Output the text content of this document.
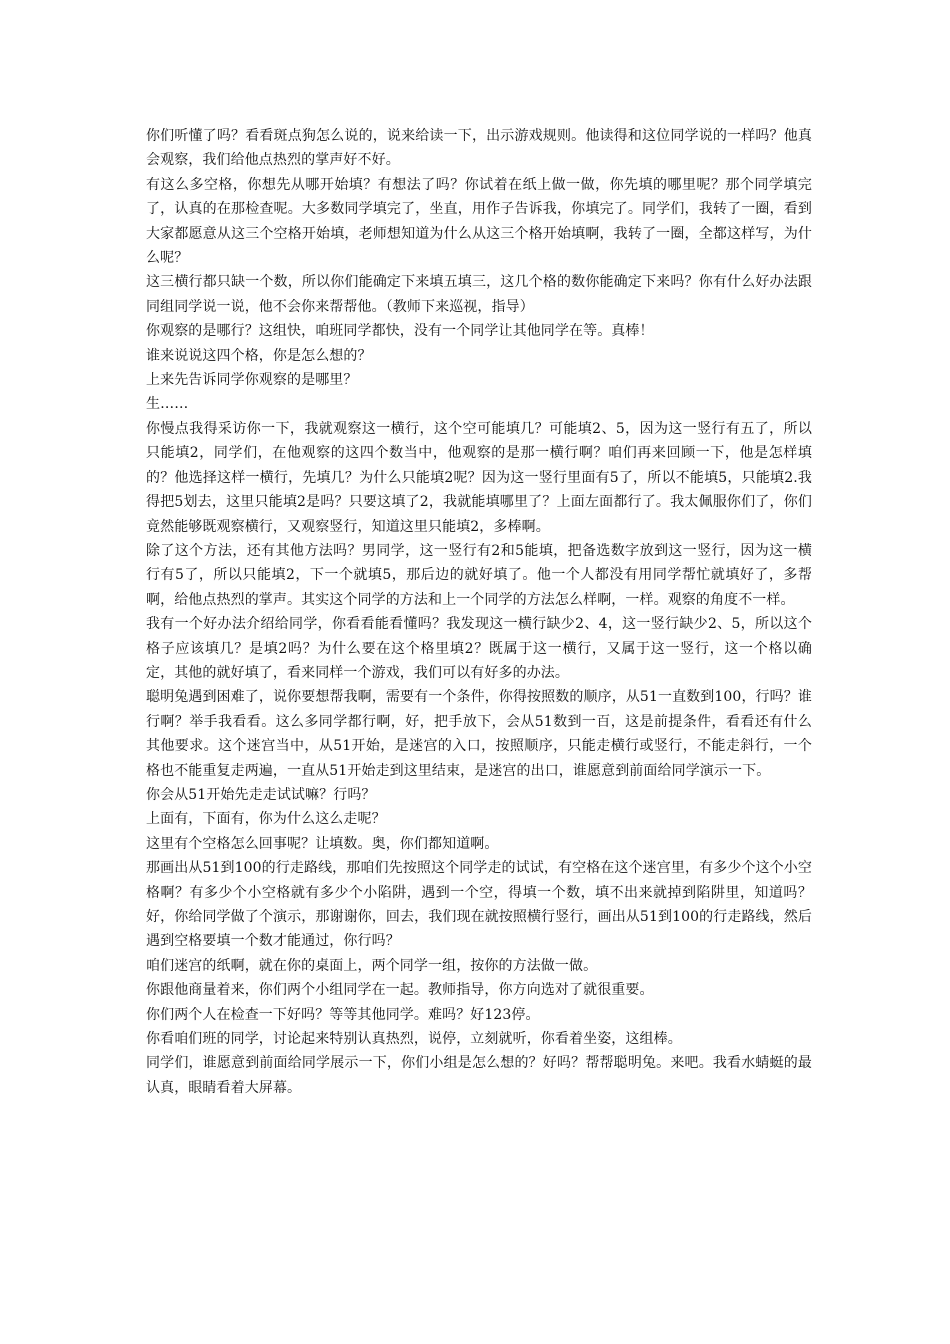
你们听懂了吗？看看斑点狗怎么说的，说来给读一下，出示游戏规则。他读得和这位同学说的一样吗？他真会观察，我们给他点热烈的掌声好不好。

有这么多空格，你想先从哪开始填？有想法了吗？你试着在纸上做一做，你先填的哪里呢？那个同学填完了，认真的在那检查呢。大多数同学填完了，坐直，用作子告诉我，你填完了。同学们，我转了一圈，看到大家都愿意从这三个空格开始填，老师想知道为什么从这三个格开始填啊，我转了一圈，全都这样写，为什么呢？

这三横行都只缺一个数，所以你们能确定下来填五填三，这几个格的数你能确定下来吗？你有什么好办法跟同组同学说一说，他不会你来帮帮他。（教师下来巡视，指导）

你观察的是哪行？这组快，咱班同学都快，没有一个同学让其他同学在等。真棒！

谁来说说这四个格，你是怎么想的？

上来先告诉同学你观察的是哪里？

生……

你慢点我得采访你一下，我就观察这一横行，这个空可能填几？可能填2、5，因为这一竖行有五了，所以只能填2，同学们，在他观察的这四个数当中，他观察的是那一横行啊？咱们再来回顾一下，他是怎样填的？他选择这样一横行，先填几？为什么只能填2呢？因为这一竖行里面有5了，所以不能填5，只能填2.我得把5划去，这里只能填2是吗？只要这填了2，我就能填哪里了？上面左面都行了。我太佩服你们了，你们竟然能够既观察横行，又观察竖行，知道这里只能填2，多棒啊。

除了这个方法，还有其他方法吗？男同学，这一竖行有2和5能填，把备选数字放到这一竖行，因为这一横行有5了，所以只能填2，下一个就填5，那后边的就好填了。他一个人都没有用同学帮忙就填好了，多帮啊，给他点热烈的掌声。其实这个同学的方法和上一个同学的方法怎么样啊，一样。观察的角度不一样。

我有一个好办法介绍给同学，你看看能看懂吗？我发现这一横行缺少2、4，这一竖行缺少2、5，所以这个格子应该填几？是填2吗？为什么要在这个格里填2？既属于这一横行，又属于这一竖行，这一个格以确定，其他的就好填了，看来同样一个游戏，我们可以有好多的办法。

聪明兔遇到困难了，说你要想帮我啊，需要有一个条件，你得按照数的顺序，从51一直数到100，行吗？谁行啊？举手我看看。这么多同学都行啊，好，把手放下，会从51数到一百，这是前提条件，看看还有什么其他要求。这个迷宫当中，从51开始，是迷宫的入口，按照顺序，只能走横行或竖行，不能走斜行，一个格也不能重复走两遍，一直从51开始走到这里结束，是迷宫的出口，谁愿意到前面给同学演示一下。

你会从51开始先走走试试嘛？行吗？

上面有，下面有，你为什么这么走呢？

这里有个空格怎么回事呢？让填数。奥，你们都知道啊。

那画出从51到100的行走路线，那咱们先按照这个同学走的试试，有空格在这个迷宫里，有多少个这个小空格啊？有多少个小空格就有多少个小陷阱，遇到一个空，得填一个数，填不出来就掉到陷阱里，知道吗？好，你给同学做了个演示，那谢谢你，回去，我们现在就按照横行竖行，画出从51到100的行走路线，然后遇到空格要填一个数才能通过，你行吗？

咱们迷宫的纸啊，就在你的桌面上，两个同学一组，按你的方法做一做。

你跟他商量着来，你们两个小组同学在一起。教师指导，你方向选对了就很重要。

你们两个人在检查一下好吗？等等其他同学。难吗？好123停。

你看咱们班的同学，讨论起来特别认真热烈，说停，立刻就听，你看着坐姿，这组棒。

同学们，谁愿意到前面给同学展示一下，你们小组是怎么想的？好吗？帮帮聪明兔。来吧。我看水蜻蜓的最认真，眼睛看着大屏幕。
